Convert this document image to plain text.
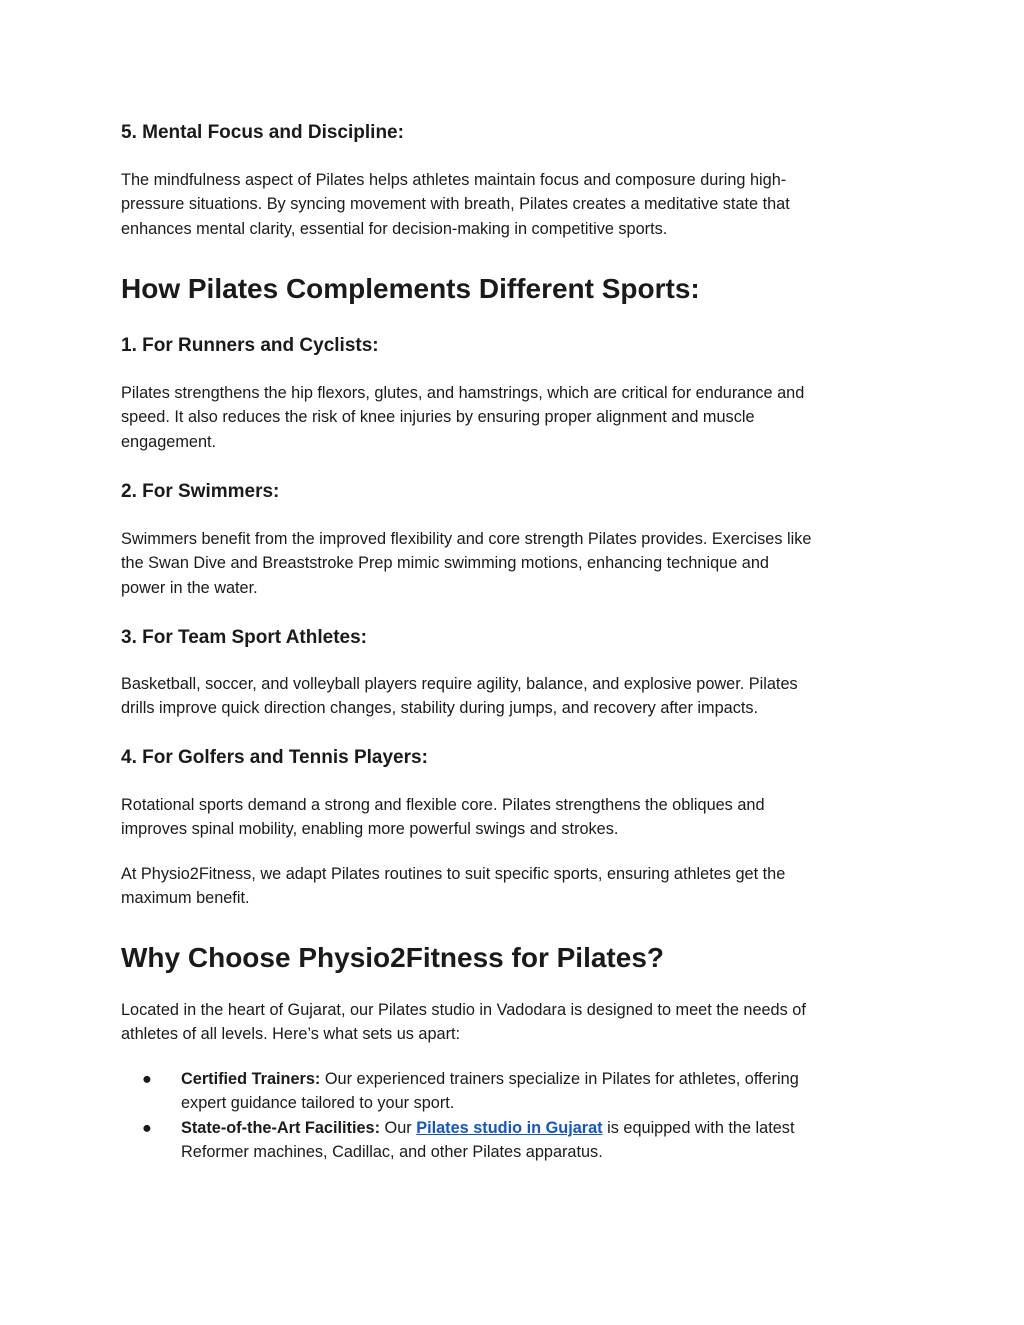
5. Mental Focus and Discipline:

The mindfulness aspect of Pilates helps athletes maintain focus and composure during high-
pressure situations. By syncing movement with breath, Pilates creates a meditative state that
enhances mental clarity, essential for decision-making in competitive sports.

How Pilates Complements Different Sports:
1. For Runners and Cyclists:

Pilates strengthens the hip flexors, glutes, and hamstrings, which are critical for endurance and
speed. It also reduces the risk of knee injuries by ensuring proper alignment and muscle
engagement.

2. For Swimmers:

Swimmers benefit from the improved flexibility and core strength Pilates provides. Exercises like
the Swan Dive and Breaststroke Prep mimic swimming motions, enhancing technique and
power in the water.

3. For Team Sport Athletes:

Basketball, soccer, and volleyball players require agility, balance, and explosive power. Pilates
drills improve quick direction changes, stability during jumps, and recovery after impacts.

4. For Golfers and Tennis Players:

Rotational sports demand a strong and flexible core. Pilates strengthens the obliques and
improves spinal mobility, enabling more powerful swings and strokes.

At Physio2Fitness, we adapt Pilates routines to suit specific sports, ensuring athletes get the
maximum benefit.

Why Choose Physio2Fitness for Pilates?

Located in the heart of Gujarat, our Pilates studio in Vadodara is designed to meet the needs of
athletes of all levels. Here’s what sets us apart:

● Certified Trainers: Our experienced trainers specialize in Pilates for athletes, offering
expert guidance tailored to your sport.
● State-of-the-Art Facilities: Our Pilates studio in Gujarat is equipped with the latest
Reformer machines, Cadillac, and other Pilates apparatus.
